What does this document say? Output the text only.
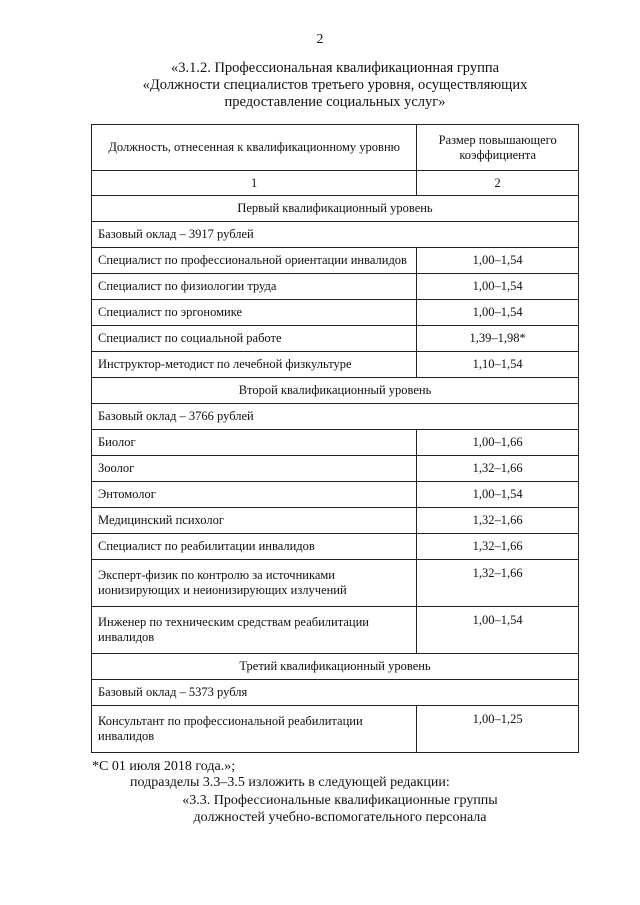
2
«3.1.2. Профессиональная квалификационная группа
«Должности специалистов третьего уровня, осуществляющих
предоставление социальных услуг»
Должность, отнесенная к квалификационному уровню	Размер повышающего коэффициента
1	2
Первый квалификационный уровень	
Базовый оклад – 3917 рублей	
Специалист по профессиональной ориентации инвалидов	1,00–1,54
Специалист по физиологии труда	1,00–1,54
Специалист по эргономике	1,00–1,54
Специалист по социальной работе	1,39–1,98*
Инструктор-методист по лечебной физкультуре	1,10–1,54
Второй квалификационный уровень	
Базовый оклад – 3766 рублей	
Биолог	1,00–1,66
Зоолог	1,32–1,66
Энтомолог	1,00–1,54
Медицинский психолог	1,32–1,66
Специалист по реабилитации инвалидов	1,32–1,66
Эксперт-физик по контролю за источниками ионизирующих и неионизирующих излучений	1,32–1,66
Инженер по техническим средствам реабилитации инвалидов	1,00–1,54
Третий квалификационный уровень	
Базовый оклад – 5373 рубля	
Консультант по профессиональной реабилитации инвалидов	1,00–1,25
*С 01 июля 2018 года.»;
подразделы 3.3–3.5 изложить в следующей редакции:
«3.3. Профессиональные квалификационные группы
должностей учебно-вспомогательного персонала
